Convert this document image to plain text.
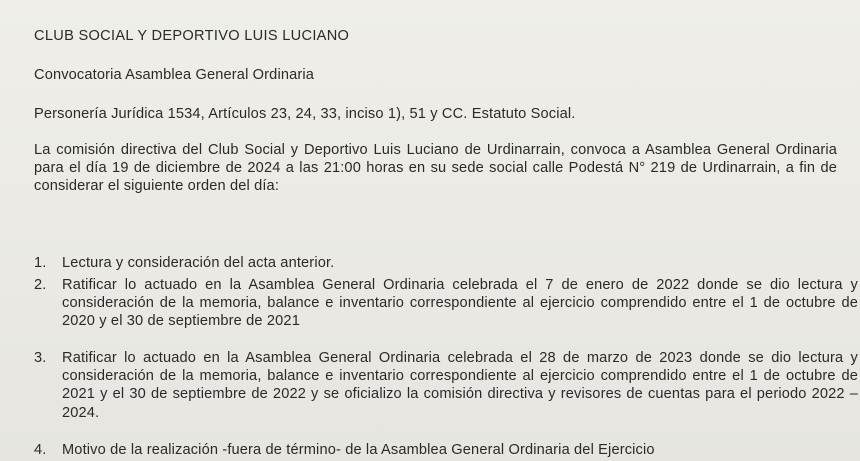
CLUB SOCIAL Y DEPORTIVO LUIS LUCIANO
Convocatoria Asamblea General Ordinaria
Personería Jurídica 1534, Artículos 23, 24, 33, inciso 1), 51 y CC. Estatuto Social.
La comisión directiva del Club Social y Deportivo Luis Luciano de Urdinarrain, convoca a Asamblea General Ordinaria para el día 19 de diciembre de 2024 a las 21:00 horas en su sede social calle Podestá N° 219 de Urdinarrain, a fin de considerar el siguiente orden del día:
1. Lectura y consideración del acta anterior.
2. Ratificar lo actuado en la Asamblea General Ordinaria celebrada el 7 de enero de 2022 donde se dio lectura y consideración de la memoria, balance e inventario correspondiente al ejercicio comprendido entre el 1 de octubre de 2020 y el 30 de septiembre de 2021
3. Ratificar lo actuado en la Asamblea General Ordinaria celebrada el 28 de marzo de 2023 donde se dio lectura y consideración de la memoria, balance e inventario correspondiente al ejercicio comprendido entre el 1 de octubre de 2021 y el 30 de septiembre de 2022 y se oficializo la comisión directiva y revisores de cuentas para el periodo 2022 – 2024.
4. Motivo de la realización -fuera de término- de la Asamblea General Ordinaria del Ejercicio
